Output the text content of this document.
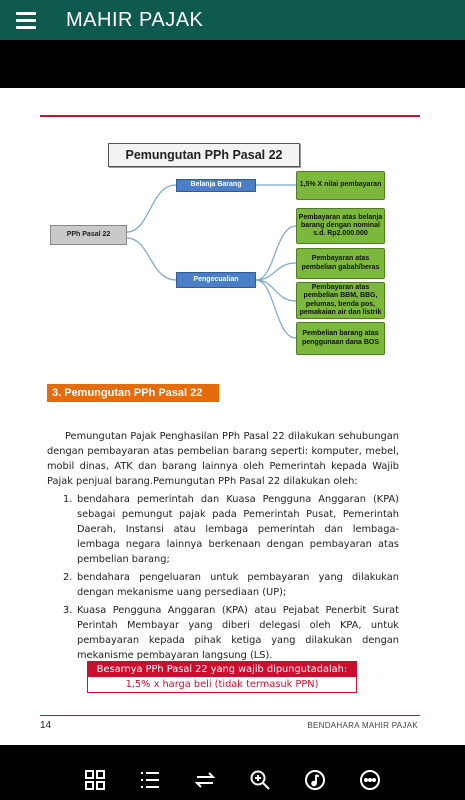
MAHIR PAJAK
Pemungutan PPh Pasal 22
PPh Pasal 22
Belanja Barang
Pengecualian
1,5% X nilai pembayaran
Pembayaran atas belanja barang dengan nominal s.d. Rp2.000.000
Pembayaran atas pembelian gabah/beras
Pembayaran atas pembelian BBM, BBG, pelumas, benda pos, pemakaian air dan listrik
Pembelian barang atas penggunaan dana BOS
3. Pemungutan PPh Pasal 22

Pemungutan Pajak Penghasilan PPh Pasal 22 dilakukan sehubungan dengan pembayaran atas pembelian barang seperti: komputer, mebel, mobil dinas, ATK dan barang lainnya oleh Pemerintah kepada Wajib Pajak penjual barang.Pemungutan PPh Pasal 22 dilakukan oleh:

1. bendahara pemerintah dan Kuasa Pengguna Anggaran (KPA) sebagai pemungut pajak pada Pemerintah Pusat, Pemerintah Daerah, Instansi atau lembaga pemerintah dan lembaga-lembaga negara lainnya berkenaan dengan pembayaran atas pembelian barang;
2. bendahara pengeluaran untuk pembayaran yang dilakukan dengan mekanisme uang persediaan (UP);
3. Kuasa Pengguna Anggaran (KPA) atau Pejabat Penerbit Surat Perintah Membayar yang diberi delegasi oleh KPA, untuk pembayaran kepada pihak ketiga yang dilakukan dengan mekanisme pembayaran langsung (LS).
Besarnya PPh Pasal 22 yang wajib dipungutadalah:
1,5% x harga beli (tidak termasuk PPN)
14	BENDAHARA MAHIR PAJAK
